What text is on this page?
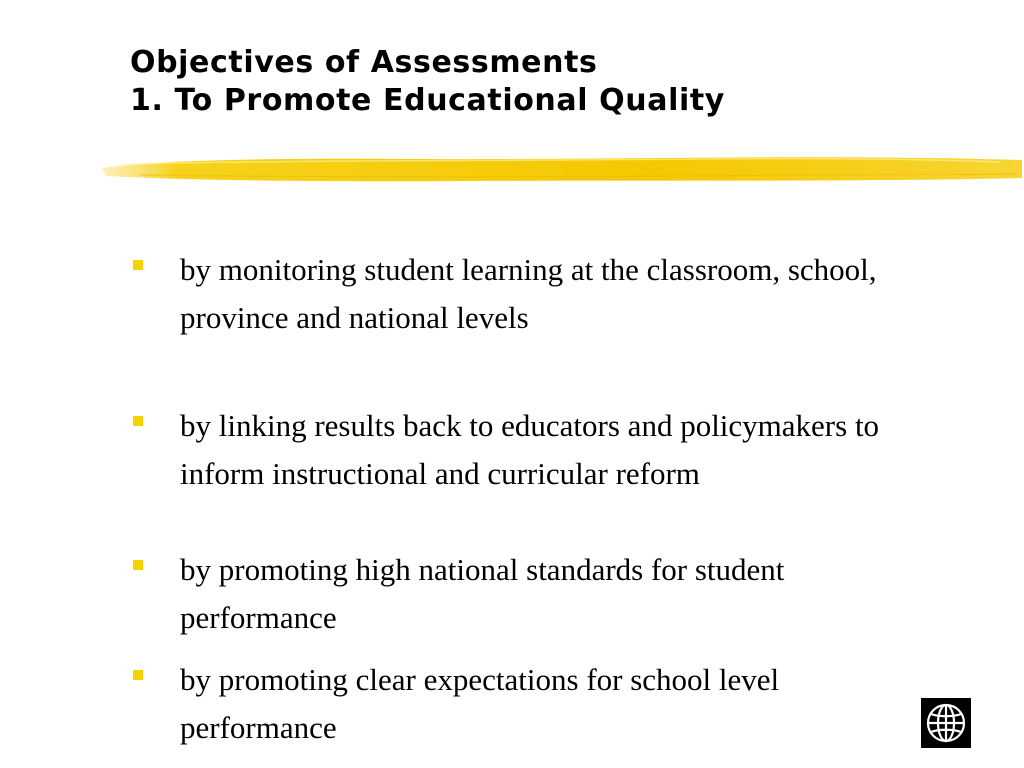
Objectives of Assessments
1. To Promote Educational Quality
by monitoring student learning at the classroom, school, province and national levels
by linking results back to educators and policymakers to inform instructional and curricular reform
by promoting high national standards for student performance
by promoting clear expectations for school level performance
